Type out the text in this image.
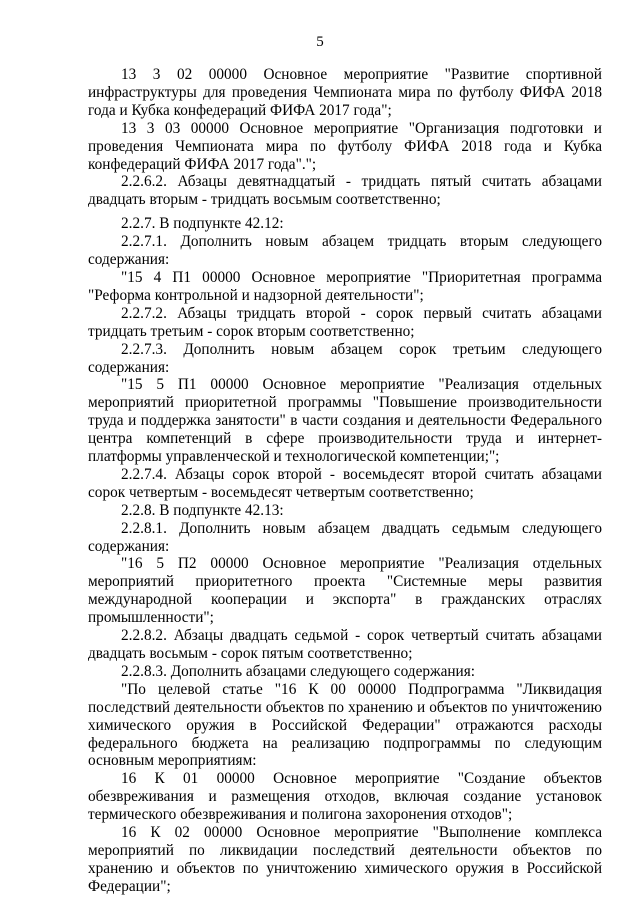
5

13 3 02 00000 Основное мероприятие "Развитие спортивной инфраструктуры для проведения Чемпионата мира по футболу ФИФА 2018 года и Кубка конфедераций ФИФА 2017 года";

13 3 03 00000 Основное мероприятие "Организация подготовки и проведения Чемпионата мира по футболу ФИФА 2018 года и Кубка конфедераций ФИФА 2017 года".";

2.2.6.2. Абзацы девятнадцатый - тридцать пятый считать абзацами двадцать вторым - тридцать восьмым соответственно;

2.2.7. В подпункте 42.12:

2.2.7.1. Дополнить новым абзацем тридцать вторым следующего содержания:

"15 4 П1 00000 Основное мероприятие "Приоритетная программа "Реформа контрольной и надзорной деятельности";

2.2.7.2. Абзацы тридцать второй - сорок первый считать абзацами тридцать третьим - сорок вторым соответственно;

2.2.7.3. Дополнить новым абзацем сорок третьим следующего содержания:

"15 5 П1 00000 Основное мероприятие "Реализация отдельных мероприятий приоритетной программы "Повышение производительности труда и поддержка занятости" в части создания и деятельности Федерального центра компетенций в сфере производительности труда и интернет-платформы управленческой и технологической компетенции;";

2.2.7.4. Абзацы сорок второй - восемьдесят второй считать абзацами сорок четвертым - восемьдесят четвертым соответственно;

2.2.8. В подпункте 42.13:

2.2.8.1. Дополнить новым абзацем двадцать седьмым следующего содержания:

"16 5 П2 00000 Основное мероприятие "Реализация отдельных мероприятий приоритетного проекта "Системные меры развития международной кооперации и экспорта" в гражданских отраслях промышленности";

2.2.8.2. Абзацы двадцать седьмой - сорок четвертый считать абзацами двадцать восьмым - сорок пятым соответственно;

2.2.8.3. Дополнить абзацами следующего содержания:

"По целевой статье "16 К 00 00000 Подпрограмма "Ликвидация последствий деятельности объектов по хранению и объектов по уничтожению химического оружия в Российской Федерации" отражаются расходы федерального бюджета на реализацию подпрограммы по следующим основным мероприятиям:

16 К 01 00000 Основное мероприятие "Создание объектов обезвреживания и размещения отходов, включая создание установок термического обезвреживания и полигона захоронения отходов";

16 К 02 00000 Основное мероприятие "Выполнение комплекса мероприятий по ликвидации последствий деятельности объектов по хранению и объектов по уничтожению химического оружия в Российской Федерации";
